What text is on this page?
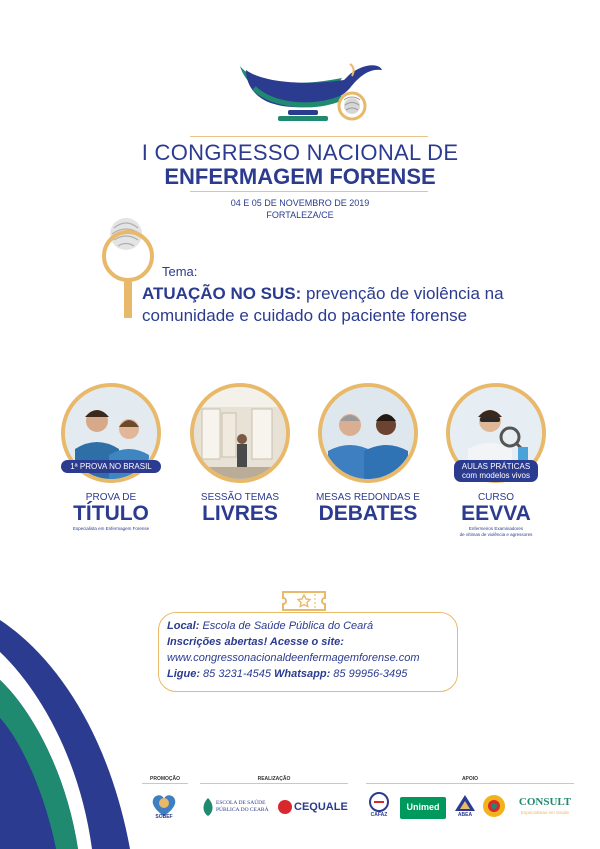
I CONGRESSO NACIONAL DE
ENFERMAGEM FORENSE
04 E 05 DE NOVEMBRO DE 2019
FORTALEZA/CE
Tema:
ATUAÇÃO NO SUS: prevenção de violência na
comunidade e cuidado do paciente forense
1ª PROVA NO BRASIL
PROVA DE
TÍTULO
Especialista em Enfermagem Forense
SESSÃO TEMAS
LIVRES
MESAS REDONDAS E
DEBATES
AULAS PRÁTICAS
com modelos vivos
CURSO
EEVVA
Enfermeiros Examinadores
de vítimas de violência e agressores
Local: Escola de Saúde Pública do Ceará
Inscrições abertas! Acesse o site:
www.congressonacionaldeenfermagemforense.com
Ligue: 85 3231-4545 Whatsapp: 85 99956-3495
PROMOÇÃO	REALIZAÇÃO	APOIO
SOBEF
ESCOLA DE SAÚDE
PÚBLICA DO CEARÁ CEQUALE
CAFAZ
Unimed
ABEA
CONSULT
Especialistas em Saúde
